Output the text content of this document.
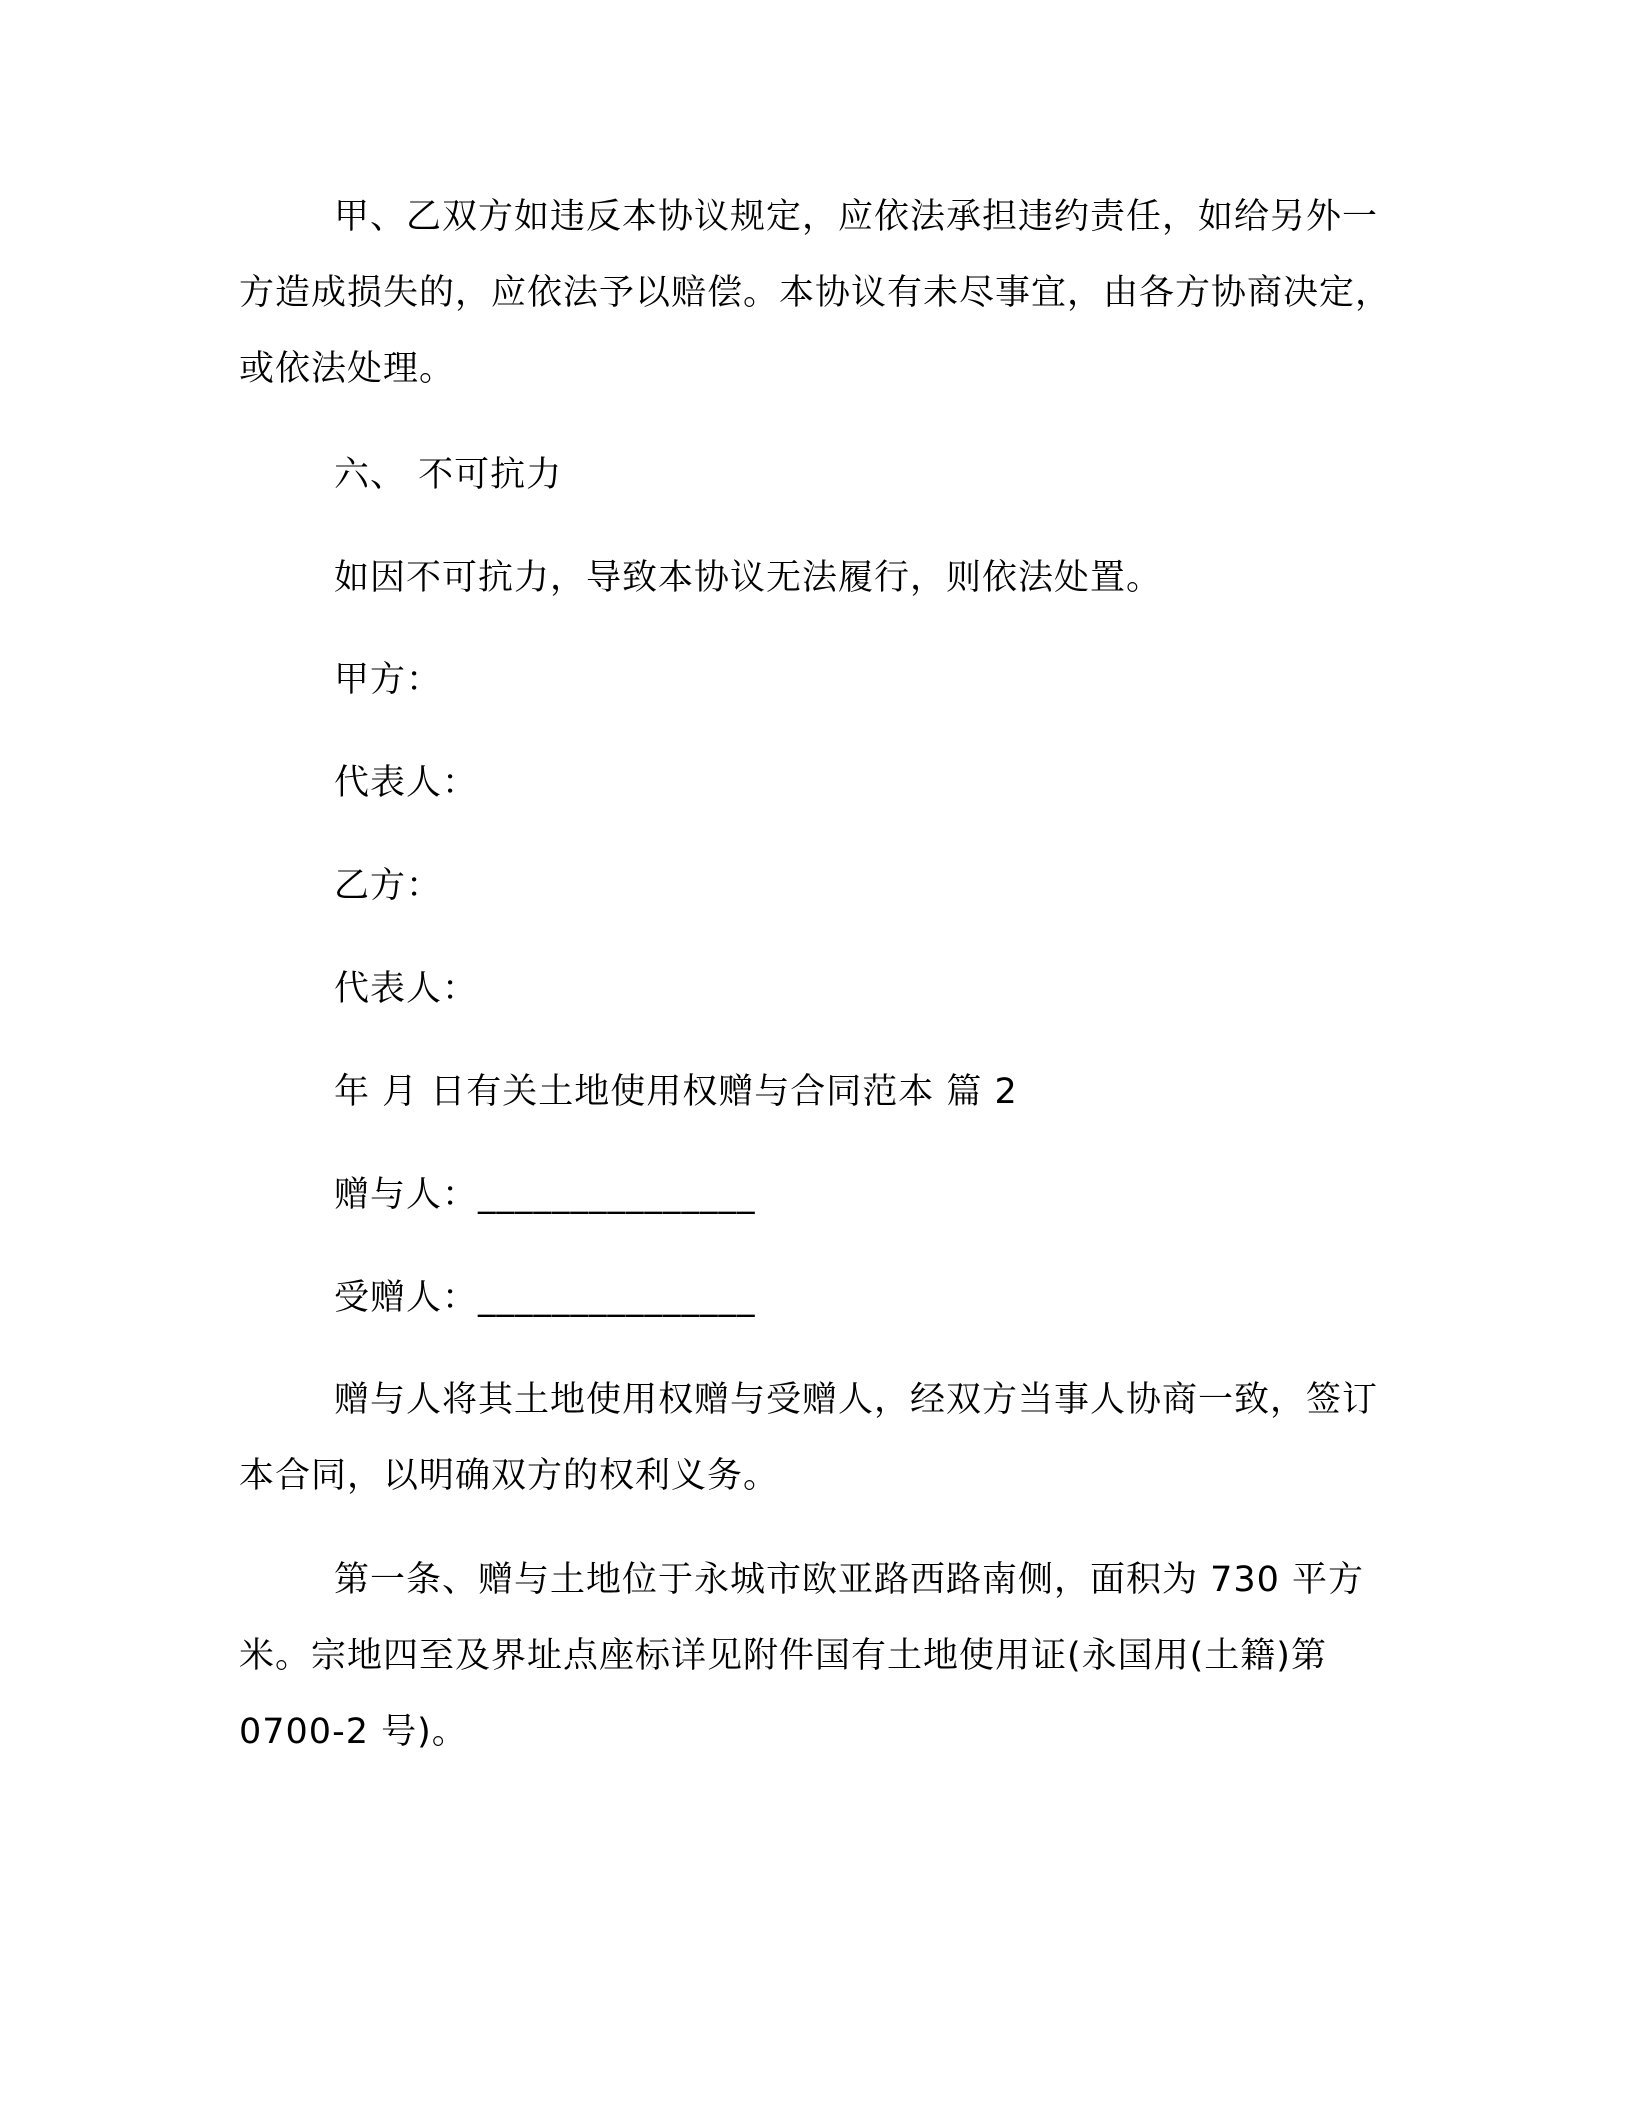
甲、乙双方如违反本协议规定，应依法承担违约责任，如给另外一方造成损失的，应依法予以赔偿。本协议有未尽事宜，由各方协商决定，或依法处理。

六、 不可抗力

如因不可抗力，导致本协议无法履行，则依法处置。

甲方：

代表人：

乙方：

代表人：

年 月 日有关土地使用权赠与合同范本 篇 2

赠与人：_______________

受赠人：_______________

赠与人将其土地使用权赠与受赠人，经双方当事人协商一致，签订本合同，以明确双方的权利义务。

第一条、赠与土地位于永城市欧亚路西路南侧，面积为 730 平方米。宗地四至及界址点座标详见附件国有土地使用证(永国用(土籍)第 0700-2 号)。
